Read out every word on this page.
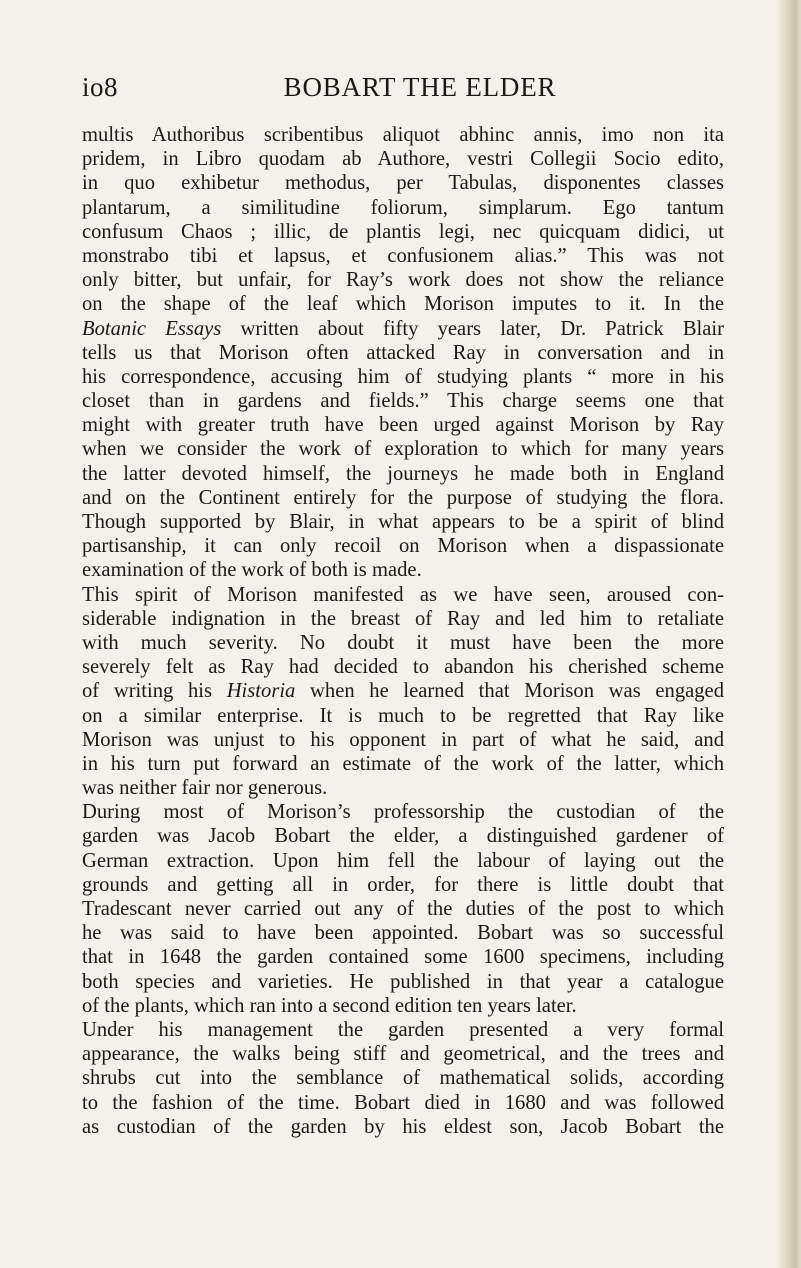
io8	BOBART THE ELDER
multis Authoribus scribentibus aliquot abhinc annis, imo non ita
pridem, in Libro quodam ab Authore, vestri Collegii Socio edito,
in quo exhibetur methodus, per Tabulas, disponentes classes
plantarum, a similitudine foliorum, simplarum. Ego tantum
confusum Chaos ; illic, de plantis legi, nec quicquam didici, ut
monstrabo tibi et lapsus, et confusionem alias.” This was not
only bitter, but unfair, for Ray’s work does not show the reliance
on the shape of the leaf which Morison imputes to it. In the
Botanic Essays written about fifty years later, Dr. Patrick Blair
tells us that Morison often attacked Ray in conversation and in
his correspondence, accusing him of studying plants “ more in his
closet than in gardens and fields.” This charge seems one that
might with greater truth have been urged against Morison by Ray
when we consider the work of exploration to which for many years
the latter devoted himself, the journeys he made both in England
and on the Continent entirely for the purpose of studying the flora.
Though supported by Blair, in what appears to be a spirit of blind
partisanship, it can only recoil on Morison when a dispassionate
examination of the work of both is made.
This spirit of Morison manifested as we have seen, aroused con-
siderable indignation in the breast of Ray and led him to retaliate
with much severity. No doubt it must have been the more
severely felt as Ray had decided to abandon his cherished scheme
of writing his Historia when he learned that Morison was engaged
on a similar enterprise. It is much to be regretted that Ray like
Morison was unjust to his opponent in part of what he said, and
in his turn put forward an estimate of the work of the latter, which
was neither fair nor generous.
During most of Morison’s professorship the custodian of the
garden was Jacob Bobart the elder, a distinguished gardener of
German extraction. Upon him fell the labour of laying out the
grounds and getting all in order, for there is little doubt that
Tradescant never carried out any of the duties of the post to which
he was said to have been appointed. Bobart was so successful
that in 1648 the garden contained some 1600 specimens, including
both species and varieties. He published in that year a catalogue
of the plants, which ran into a second edition ten years later.
Under his management the garden presented a very formal
appearance, the walks being stiff and geometrical, and the trees and
shrubs cut into the semblance of mathematical solids, according
to the fashion of the time. Bobart died in 1680 and was followed
as custodian of the garden by his eldest son, Jacob Bobart the
